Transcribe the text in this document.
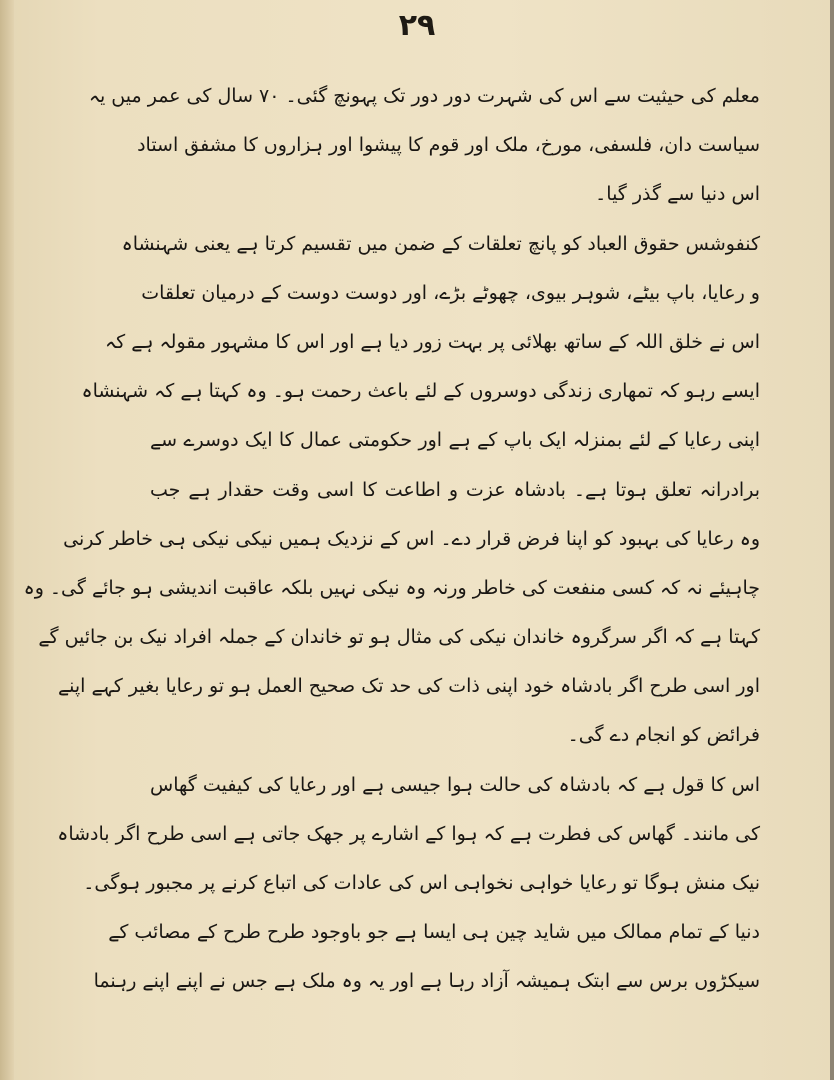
۲۹
معلم کی حیثیت سے اس کی شہرت دور دور تک پہونچ گئی۔ ۷۰ سال کی عمر میں یہ
سیاست دان، فلسفی، مورخ، ملک اور قوم کا پیشوا اور ہزاروں کا مشفق استاد
اس دنیا سے گذر گیا۔
کنفوشس حقوق العباد کو پانچ تعلقات کے ضمن میں تقسیم کرتا ہے یعنی شہنشاہ
و رعایا، باپ بیٹے، شوہر بیوی، چھوٹے بڑے، اور دوست دوست کے درمیان تعلقات
اس نے خلق اللہ کے ساتھ بھلائی پر بہت زور دیا ہے اور اس کا مشہور مقولہ ہے کہ
ایسے رہو کہ تمھاری زندگی دوسروں کے لئے باعث رحمت ہو۔ وہ کہتا ہے کہ شہنشاہ
اپنی رعایا کے لئے بمنزلہ ایک باپ کے ہے اور حکومتی عمال کا ایک دوسرے سے
برادرانہ تعلق ہوتا ہے۔ بادشاہ عزت و اطاعت کا اسی وقت حقدار ہے جب
وہ رعایا کی بہبود کو اپنا فرض قرار دے۔ اس کے نزدیک ہمیں نیکی نیکی ہی خاطر کرنی
چاہیئے نہ کہ کسی منفعت کی خاطر ورنہ وہ نیکی نہیں بلکہ عاقبت اندیشی ہو جائے گی۔ وہ
کہتا ہے کہ اگر سرگروہ خاندان نیکی کی مثال ہو تو خاندان کے جملہ افراد نیک بن جائیں گے
اور اسی طرح اگر بادشاہ خود اپنی ذات کی حد تک صحیح العمل ہو تو رعایا بغیر کہے اپنے
فرائض کو انجام دے گی۔
اس کا قول ہے کہ بادشاہ کی حالت ہوا جیسی ہے اور رعایا کی کیفیت گھاس
کی مانند۔ گھاس کی فطرت ہے کہ ہوا کے اشارے پر جھک جاتی ہے اسی طرح اگر بادشاہ
نیک منش ہوگا تو رعایا خواہی نخواہی اس کی عادات کی اتباع کرنے پر مجبور ہوگی۔
دنیا کے تمام ممالک میں شاید چین ہی ایسا ہے جو باوجود طرح طرح کے مصائب کے
سیکڑوں برس سے ابتک ہمیشہ آزاد رہا ہے اور یہ وہ ملک ہے جس نے اپنے اپنے رہنما
